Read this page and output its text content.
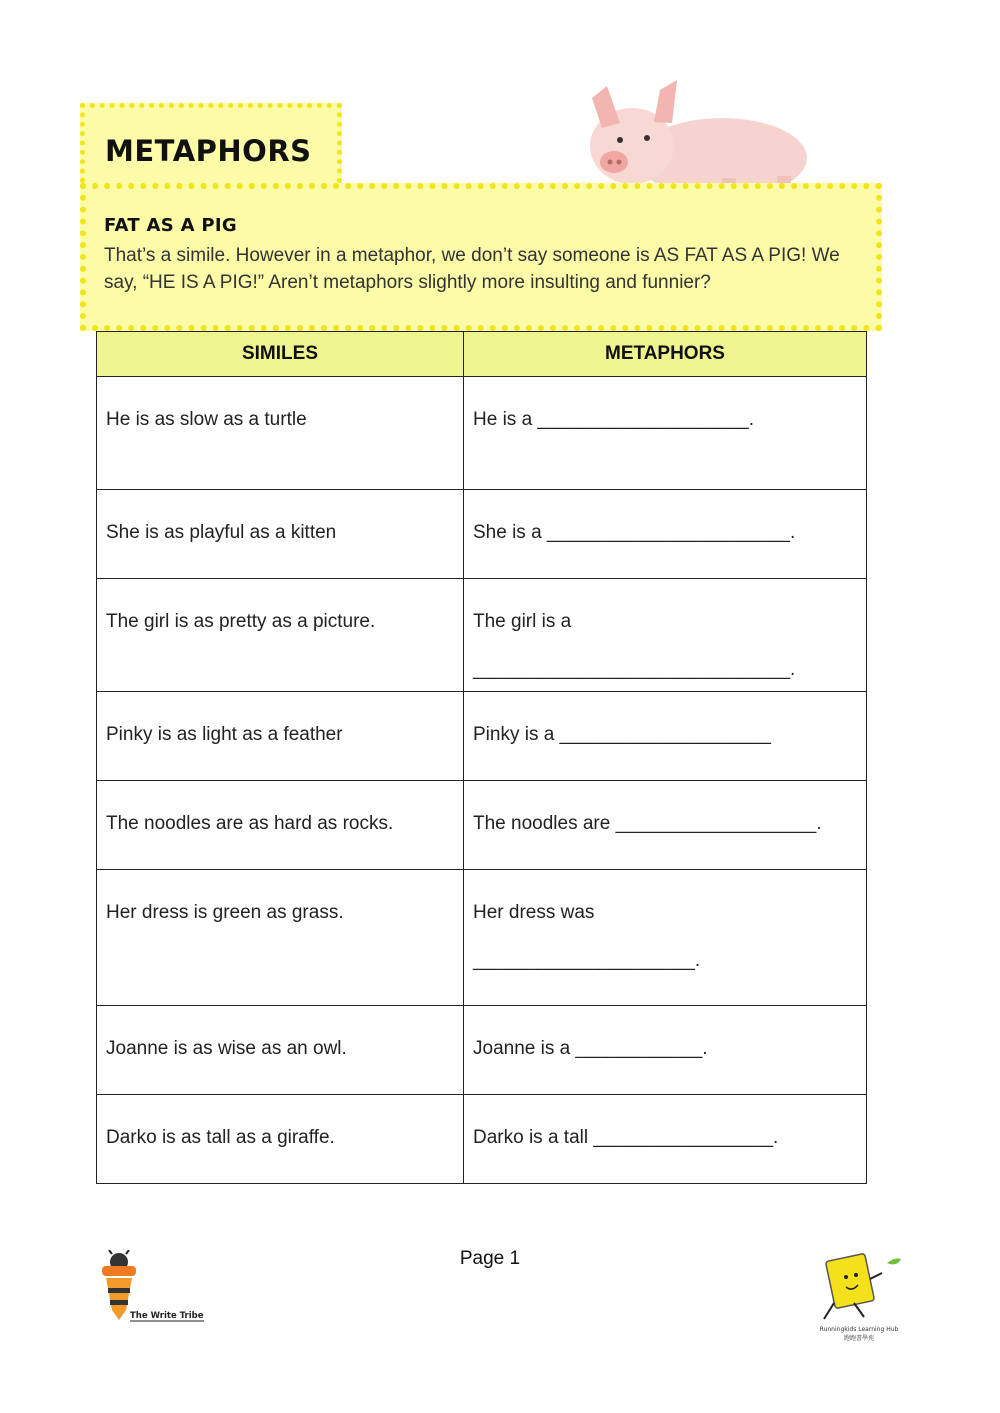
METAPHORS
FAT AS A PIG

That’s a simile. However in a metaphor, we don’t say someone is AS FAT AS A PIG! We say, “HE IS A PIG!” Aren’t metaphors slightly more insulting and funnier?

SIMILES	METAPHORS

He is as slow as a turtle	He is a ____________________.

She is as playful as a kitten	She is a _______________________.

The girl is as pretty as a picture.	The girl is a
______________________________.

Pinky is as light as a feather	Pinky is a ____________________

The noodles are as hard as rocks.	The noodles are ___________________.

Her dress is green as grass.	Her dress was
_____________________.

Joanne is as wise as an owl.	Joanne is a ____________.

Darko is as tall as a giraffe.	Darko is a tall _________________.
Page 1
The Write Tribe
Runningkids Learning Hub
跑跑書學苑
